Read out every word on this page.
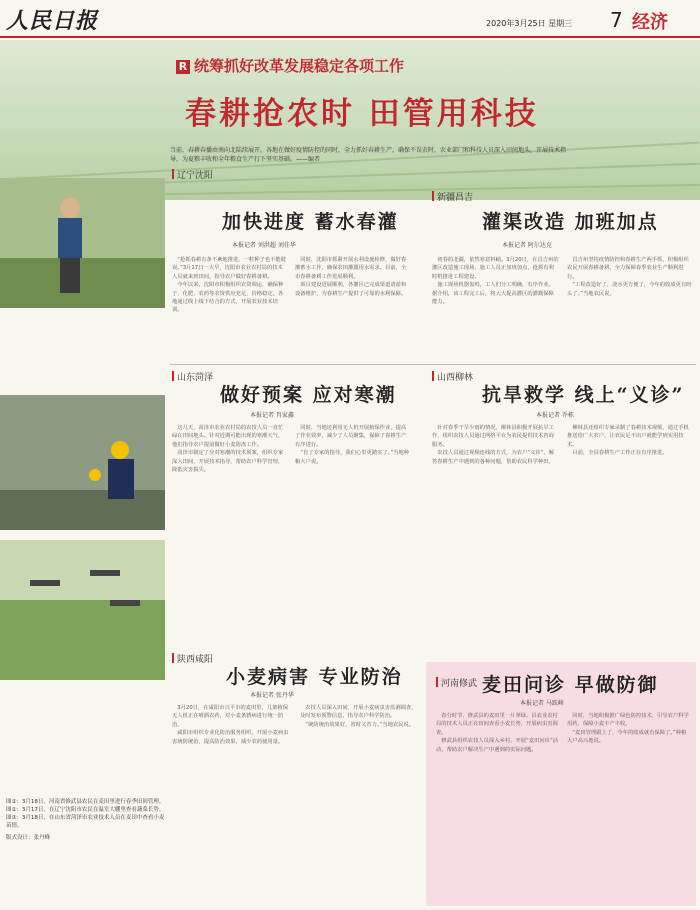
人民日报	2020年3月25日 星期三 7 经济
R 统筹抓好改革发展稳定各项工作
春耕抢农时 田管用科技
当前，春耕春播由南向北陆续展开，各地在做好疫情防控的同时，全力抓好春耕生产，确保不误农时。农业部门和科技人员深入田间地头，开展技术指导，为夏粮丰收和全年粮食生产打下坚实基础。——编者
辽宁沈阳
加快进度 蓄水春灌
本报记者 刘洪超 刘佳华

“抢抓春耕有条不紊地推进，一粒种子也不能耽误。”3月17日一大早，沈阳市农业农村局的技术人员就来到田间，指导农户做好春耕备耕。

今年以来，沈阳市积极组织农资调运，确保种子、化肥、农药等农资供应充足，价格稳定。各地通过线上线下结合的方式，开展农业技术培训。

同时，沈阳市抓紧开展水利设施检修，做好春灌蓄水工作，确保农田灌溉用水需求。目前，全市春耕备耕工作进展顺利。

项目建设进展顺利，各灌区已完成渠道清淤和设备维护，为春耕生产提供了可靠的水利保障。

新疆昌吉
灌渠改造 加班加点
本报记者 阿尔达克

初春的北疆，依然寒意料峭。3月20日，在昌吉州的灌区改造施工现场，施工人员正加班加点，抢抓有利时机推进工程建设。

施工现场机器轰鸣，工人们分工明确，有序作业。据介绍，该工程完工后，将大大提高灌区的灌溉保障能力。

昌吉州坚持疫情防控和春耕生产两手抓，积极组织农民开展春耕备耕，全力保障春季农业生产顺利进行。

“工程改造好了，浇水更方便了，今年的收成更有盼头了。”当地农民说。

山东菏泽
做好预案 应对寒潮
本报记者 肖家鑫

这几天，菏泽市农业农村局的农技人员一直忙碌在田间地头。针对近期可能出现的寒潮天气，他们指导农户提前做好小麦防冻工作。

菏泽市制定了应对寒潮的技术预案，组织专家深入田间，开展技术指导，帮助农户科学管理，降低灾害损失。

同时，当地还利用无人机开展植保作业，提高了作业效率，减少了人员聚集，保障了春耕生产有序进行。

“有了专家的指导，我们心里更踏实了。”当地种粮大户说。

山西柳林
抗旱救学 线上“义诊”
本报记者 乔栋

针对春季干旱少雨的情况，柳林县积极开展抗旱工作，组织农技人员通过网络平台为农民提供技术咨询服务。

农技人员通过视频连线的方式，为农户“义诊”，解答春耕生产中遇到的各种问题，帮助农民科学种田。

柳林县还组织专家录制了春耕技术视频，通过手机推送给广大农户，让农民足不出户就能学到实用技术。

目前，全县春耕生产工作正在有序推进。

陕西咸阳
小麦病害 专业防治
本报记者 张丹华

3月20日，在咸阳市兴平市的麦田里，几架植保无人机正在喷洒农药，对小麦条锈病进行统一防治。

咸阳市组织专业化防治服务组织，开展小麦病虫害统防统治，提高防治效果，减少农药使用量。

农技人员深入田间，开展小麦病虫害监测调查，及时发布预警信息，指导农户科学防治。

“统防统治效果好，省时又省力。”当地农民说。

河南修武 麦田问诊 早做防御
本报记者 马跃峰

春分时节，修武县的麦田里一片翠绿。县农业农村局的技术人员正在田间查看小麦长势，开展病虫害调查。

修武县组织农技人员深入乡村，开展“麦田问诊”活动，帮助农户解决生产中遇到的实际问题。

同时，当地积极推广绿色防控技术，引导农户科学用药，保障小麦丰产丰收。

“麦田管理跟上了，今年的收成就有保障了。”种粮大户高兴地说。

图①：3月18日，河南省修武县农民在麦田里进行春季田间管理。
图②：3月17日，在辽宁沈阳市农民在温室大棚里查看蔬菜长势。
图③：3月18日，在山东省菏泽市农业技术人员在麦田中查看小麦苗情。
版式设计：张丹峰
